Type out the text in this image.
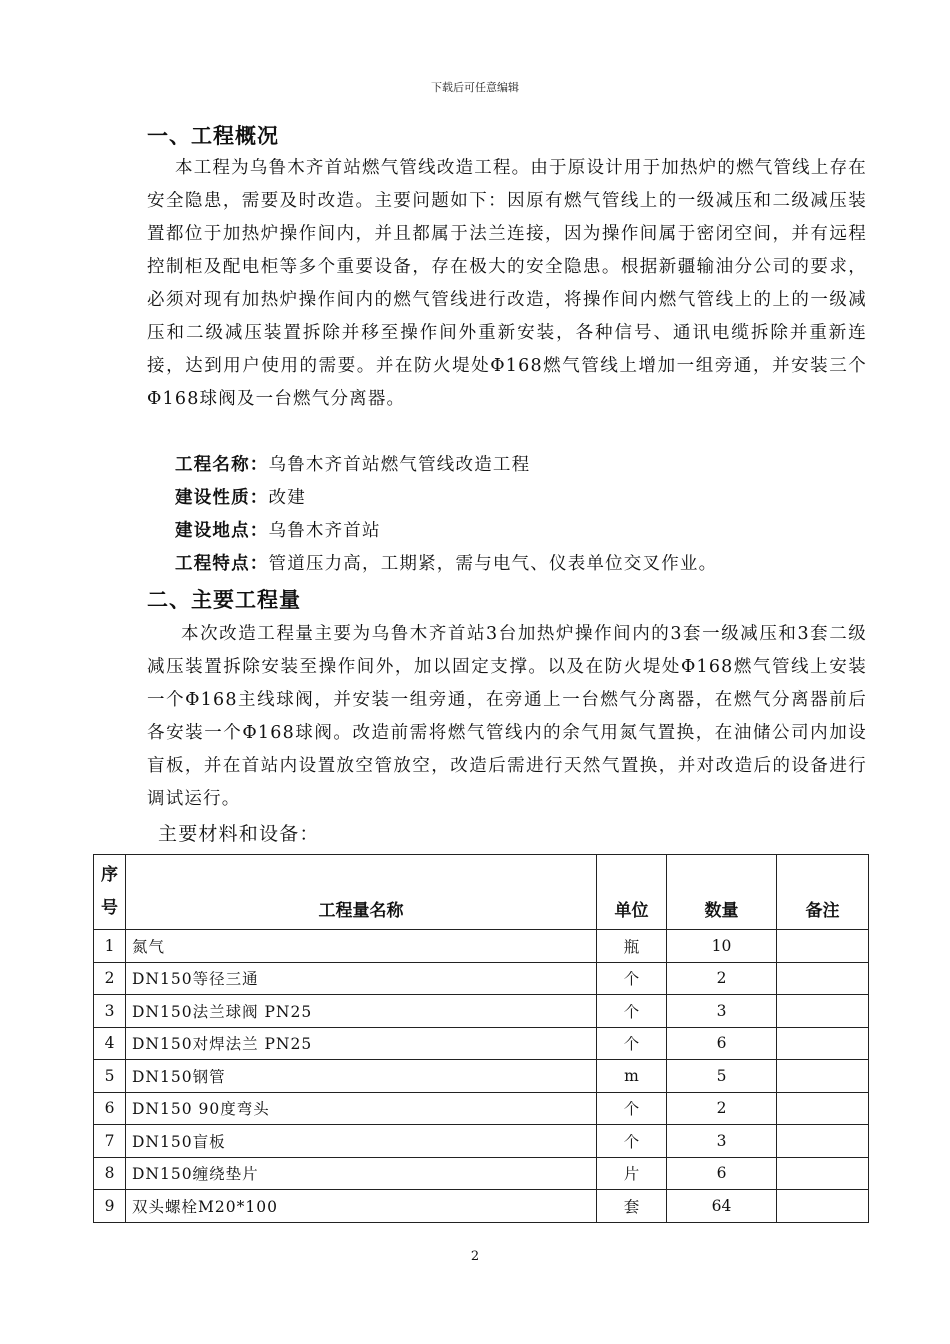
下载后可任意编辑
一、工程概况

本工程为乌鲁木齐首站燃气管线改造工程。由于原设计用于加热炉的燃气管线上存在安全隐患，需要及时改造。主要问题如下：因原有燃气管线上的一级减压和二级减压装置都位于加热炉操作间内，并且都属于法兰连接，因为操作间属于密闭空间，并有远程控制柜及配电柜等多个重要设备，存在极大的安全隐患。根据新疆输油分公司的要求，必须对现有加热炉操作间内的燃气管线进行改造，将操作间内燃气管线上的上的一级减压和二级减压装置拆除并移至操作间外重新安装，各种信号、通讯电缆拆除并重新连接，达到用户使用的需要。并在防火堤处Φ168燃气管线上增加一组旁通，并安装三个Φ168球阀及一台燃气分离器。

工程名称：乌鲁木齐首站燃气管线改造工程
建设性质：改建
建设地点：乌鲁木齐首站
工程特点：管道压力高，工期紧，需与电气、仪表单位交叉作业。
二、主要工程量

本次改造工程量主要为乌鲁木齐首站3台加热炉操作间内的3套一级减压和3套二级减压装置拆除安装至操作间外，加以固定支撑。以及在防火堤处Φ168燃气管线上安装一个Φ168主线球阀，并安装一组旁通，在旁通上一台燃气分离器，在燃气分离器前后各安装一个Φ168球阀。改造前需将燃气管线内的余气用氮气置换，在油储公司内加设盲板，并在首站内设置放空管放空，改造后需进行天然气置换，并对改造后的设备进行调试运行。

主要材料和设备：
序
号	工程量名称	单位	数量	备注
1	氮气	瓶	10	
2	DN150等径三通	个	2	
3	DN150法兰球阀 PN25	个	3	
4	DN150对焊法兰 PN25	个	6	
5	DN150钢管	m	5	
6	DN150 90度弯头	个	2	
7	DN150盲板	个	3	
8	DN150缠绕垫片	片	6	
9	双头螺栓M20*100	套	64	
2
